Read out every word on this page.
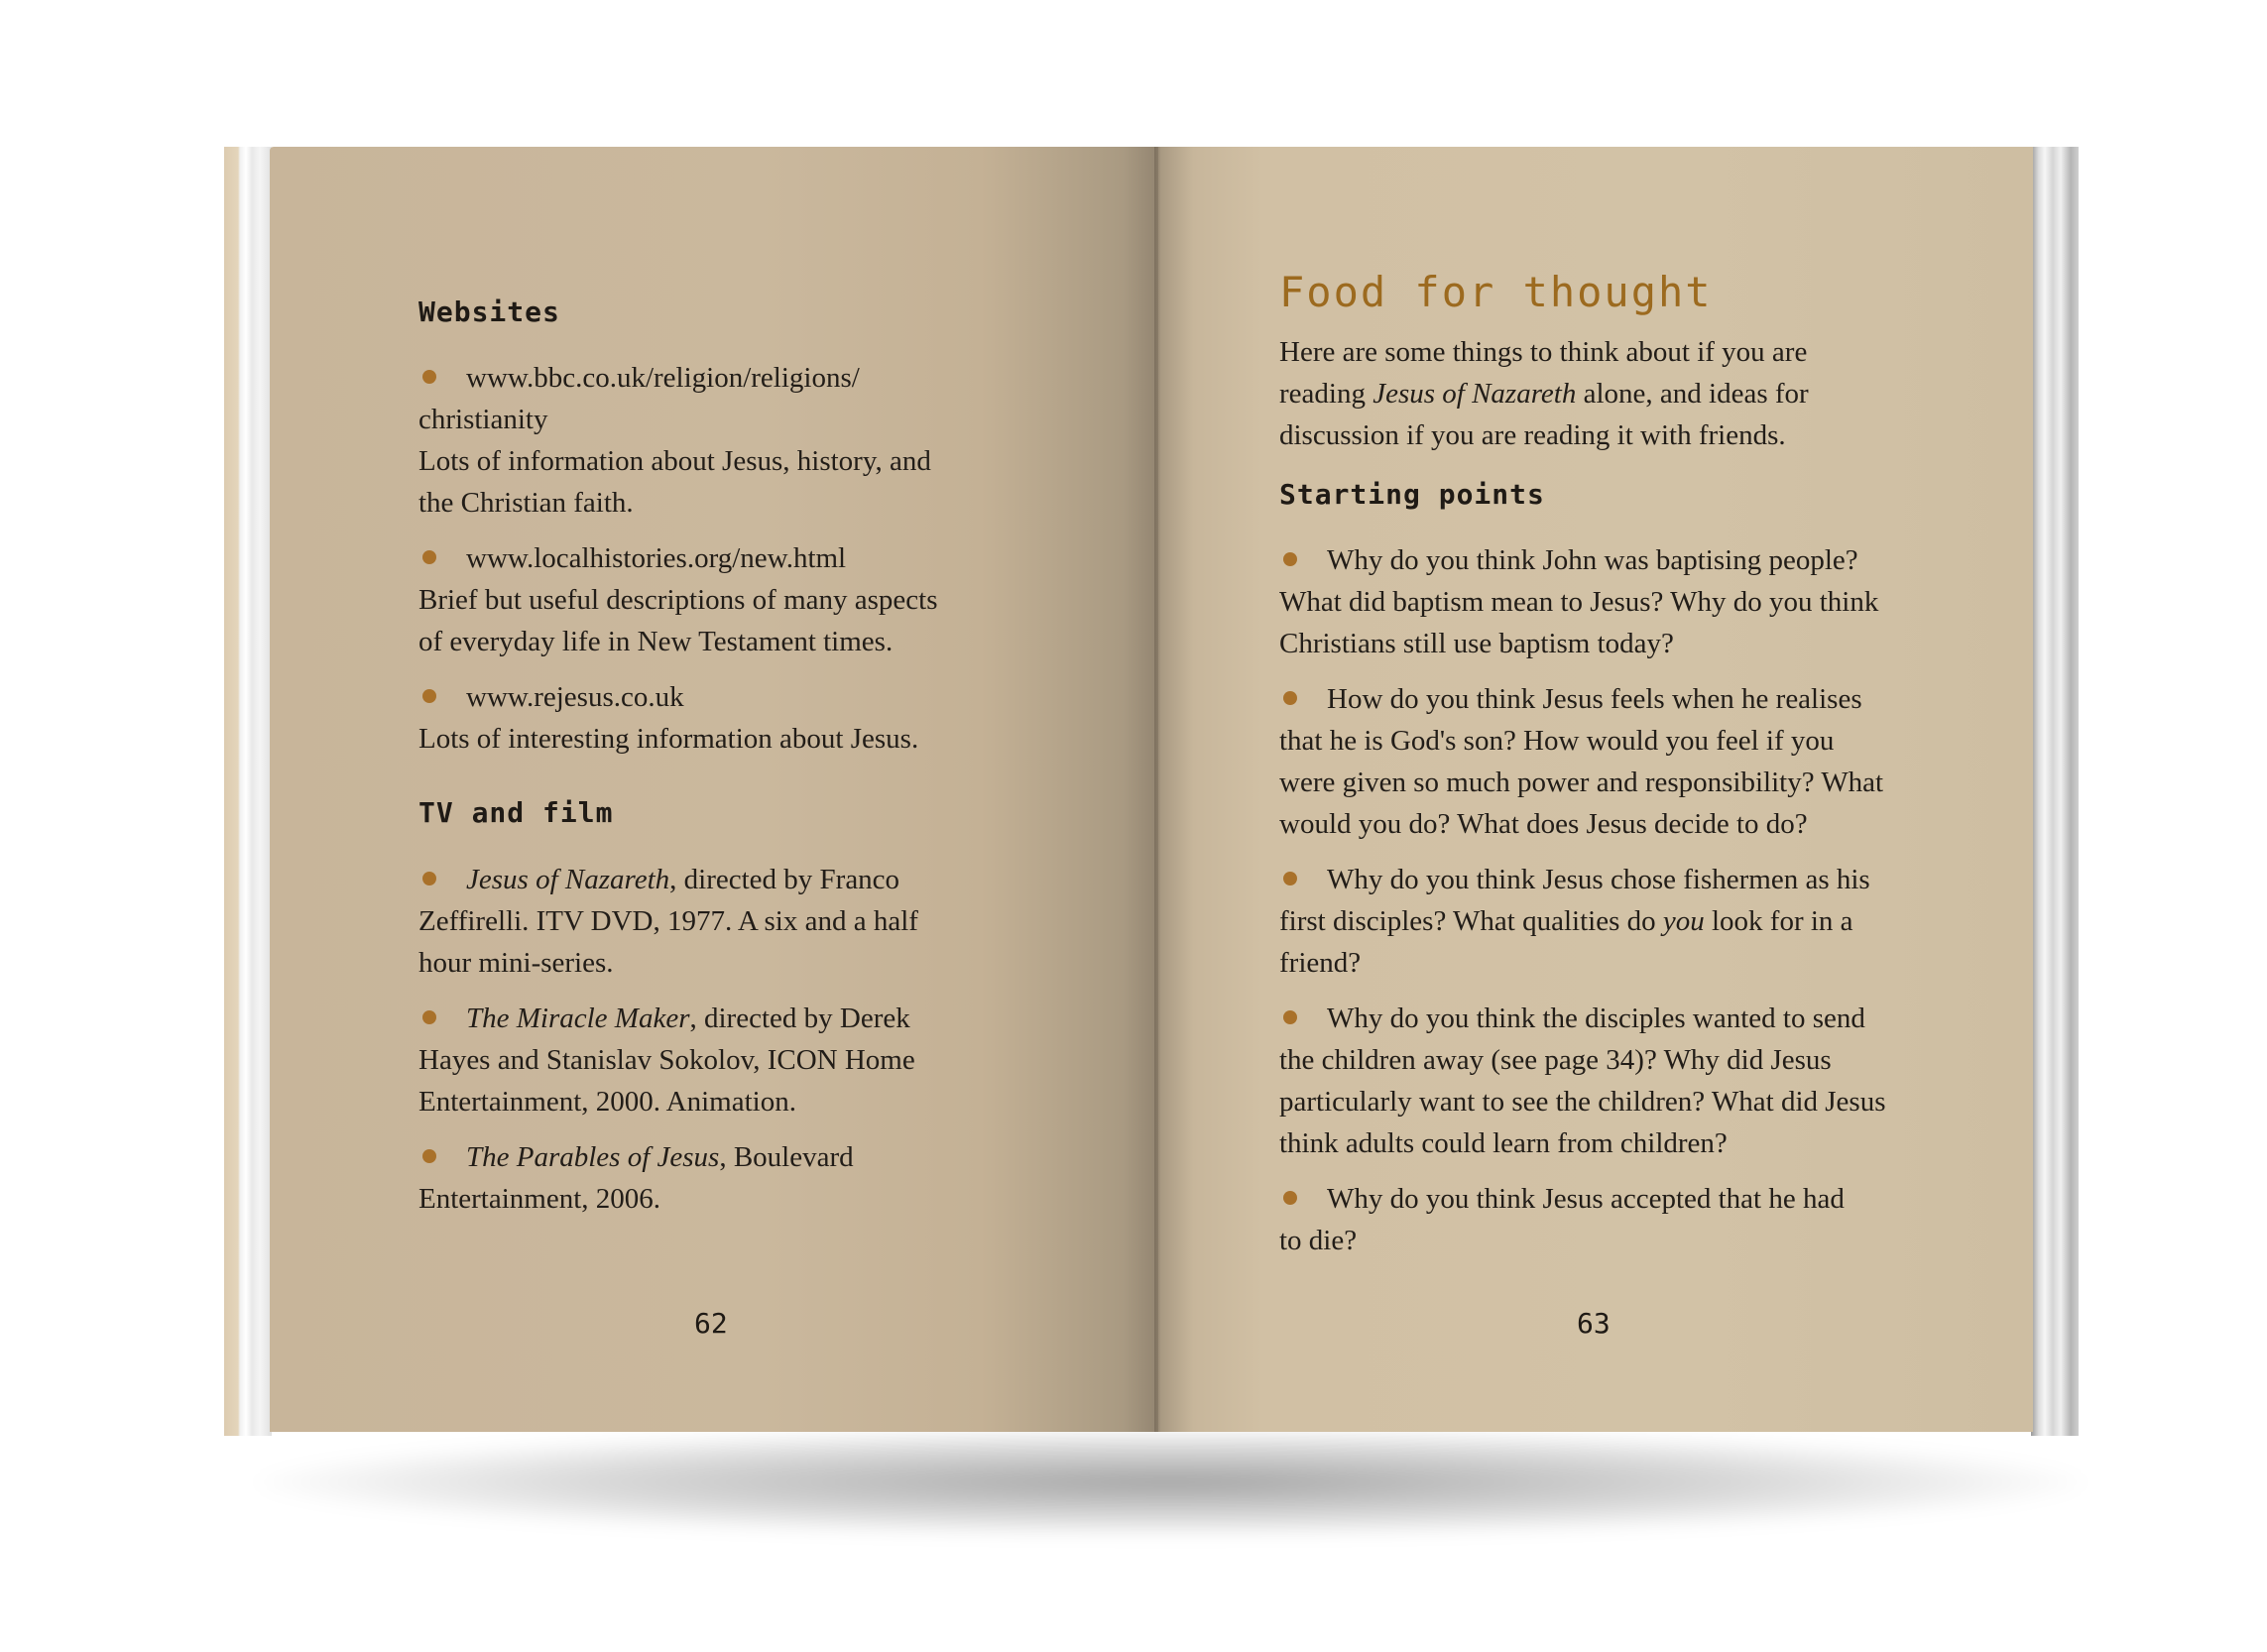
Websites
www.bbc.co.uk/religion/religions/
christianity
Lots of information about Jesus, history, and
the Christian faith.
www.localhistories.org/new.html
Brief but useful descriptions of many aspects
of everyday life in New Testament times.
www.rejesus.co.uk
Lots of interesting information about Jesus.
TV and film
Jesus of Nazareth, directed by Franco
Zeffirelli. ITV DVD, 1977. A six and a half
hour mini-series.
The Miracle Maker, directed by Derek
Hayes and Stanislav Sokolov, ICON Home
Entertainment, 2000. Animation.
The Parables of Jesus, Boulevard
Entertainment, 2006.

62

Food for thought
Here are some things to think about if you are
reading Jesus of Nazareth alone, and ideas for
discussion if you are reading it with friends.
Starting points
Why do you think John was baptising people?
What did baptism mean to Jesus? Why do you think
Christians still use baptism today?
How do you think Jesus feels when he realises
that he is God's son? How would you feel if you
were given so much power and responsibility? What
would you do? What does Jesus decide to do?
Why do you think Jesus chose fishermen as his
first disciples? What qualities do you look for in a
friend?
Why do you think the disciples wanted to send
the children away (see page 34)? Why did Jesus
particularly want to see the children? What did Jesus
think adults could learn from children?
Why do you think Jesus accepted that he had
to die?

63
